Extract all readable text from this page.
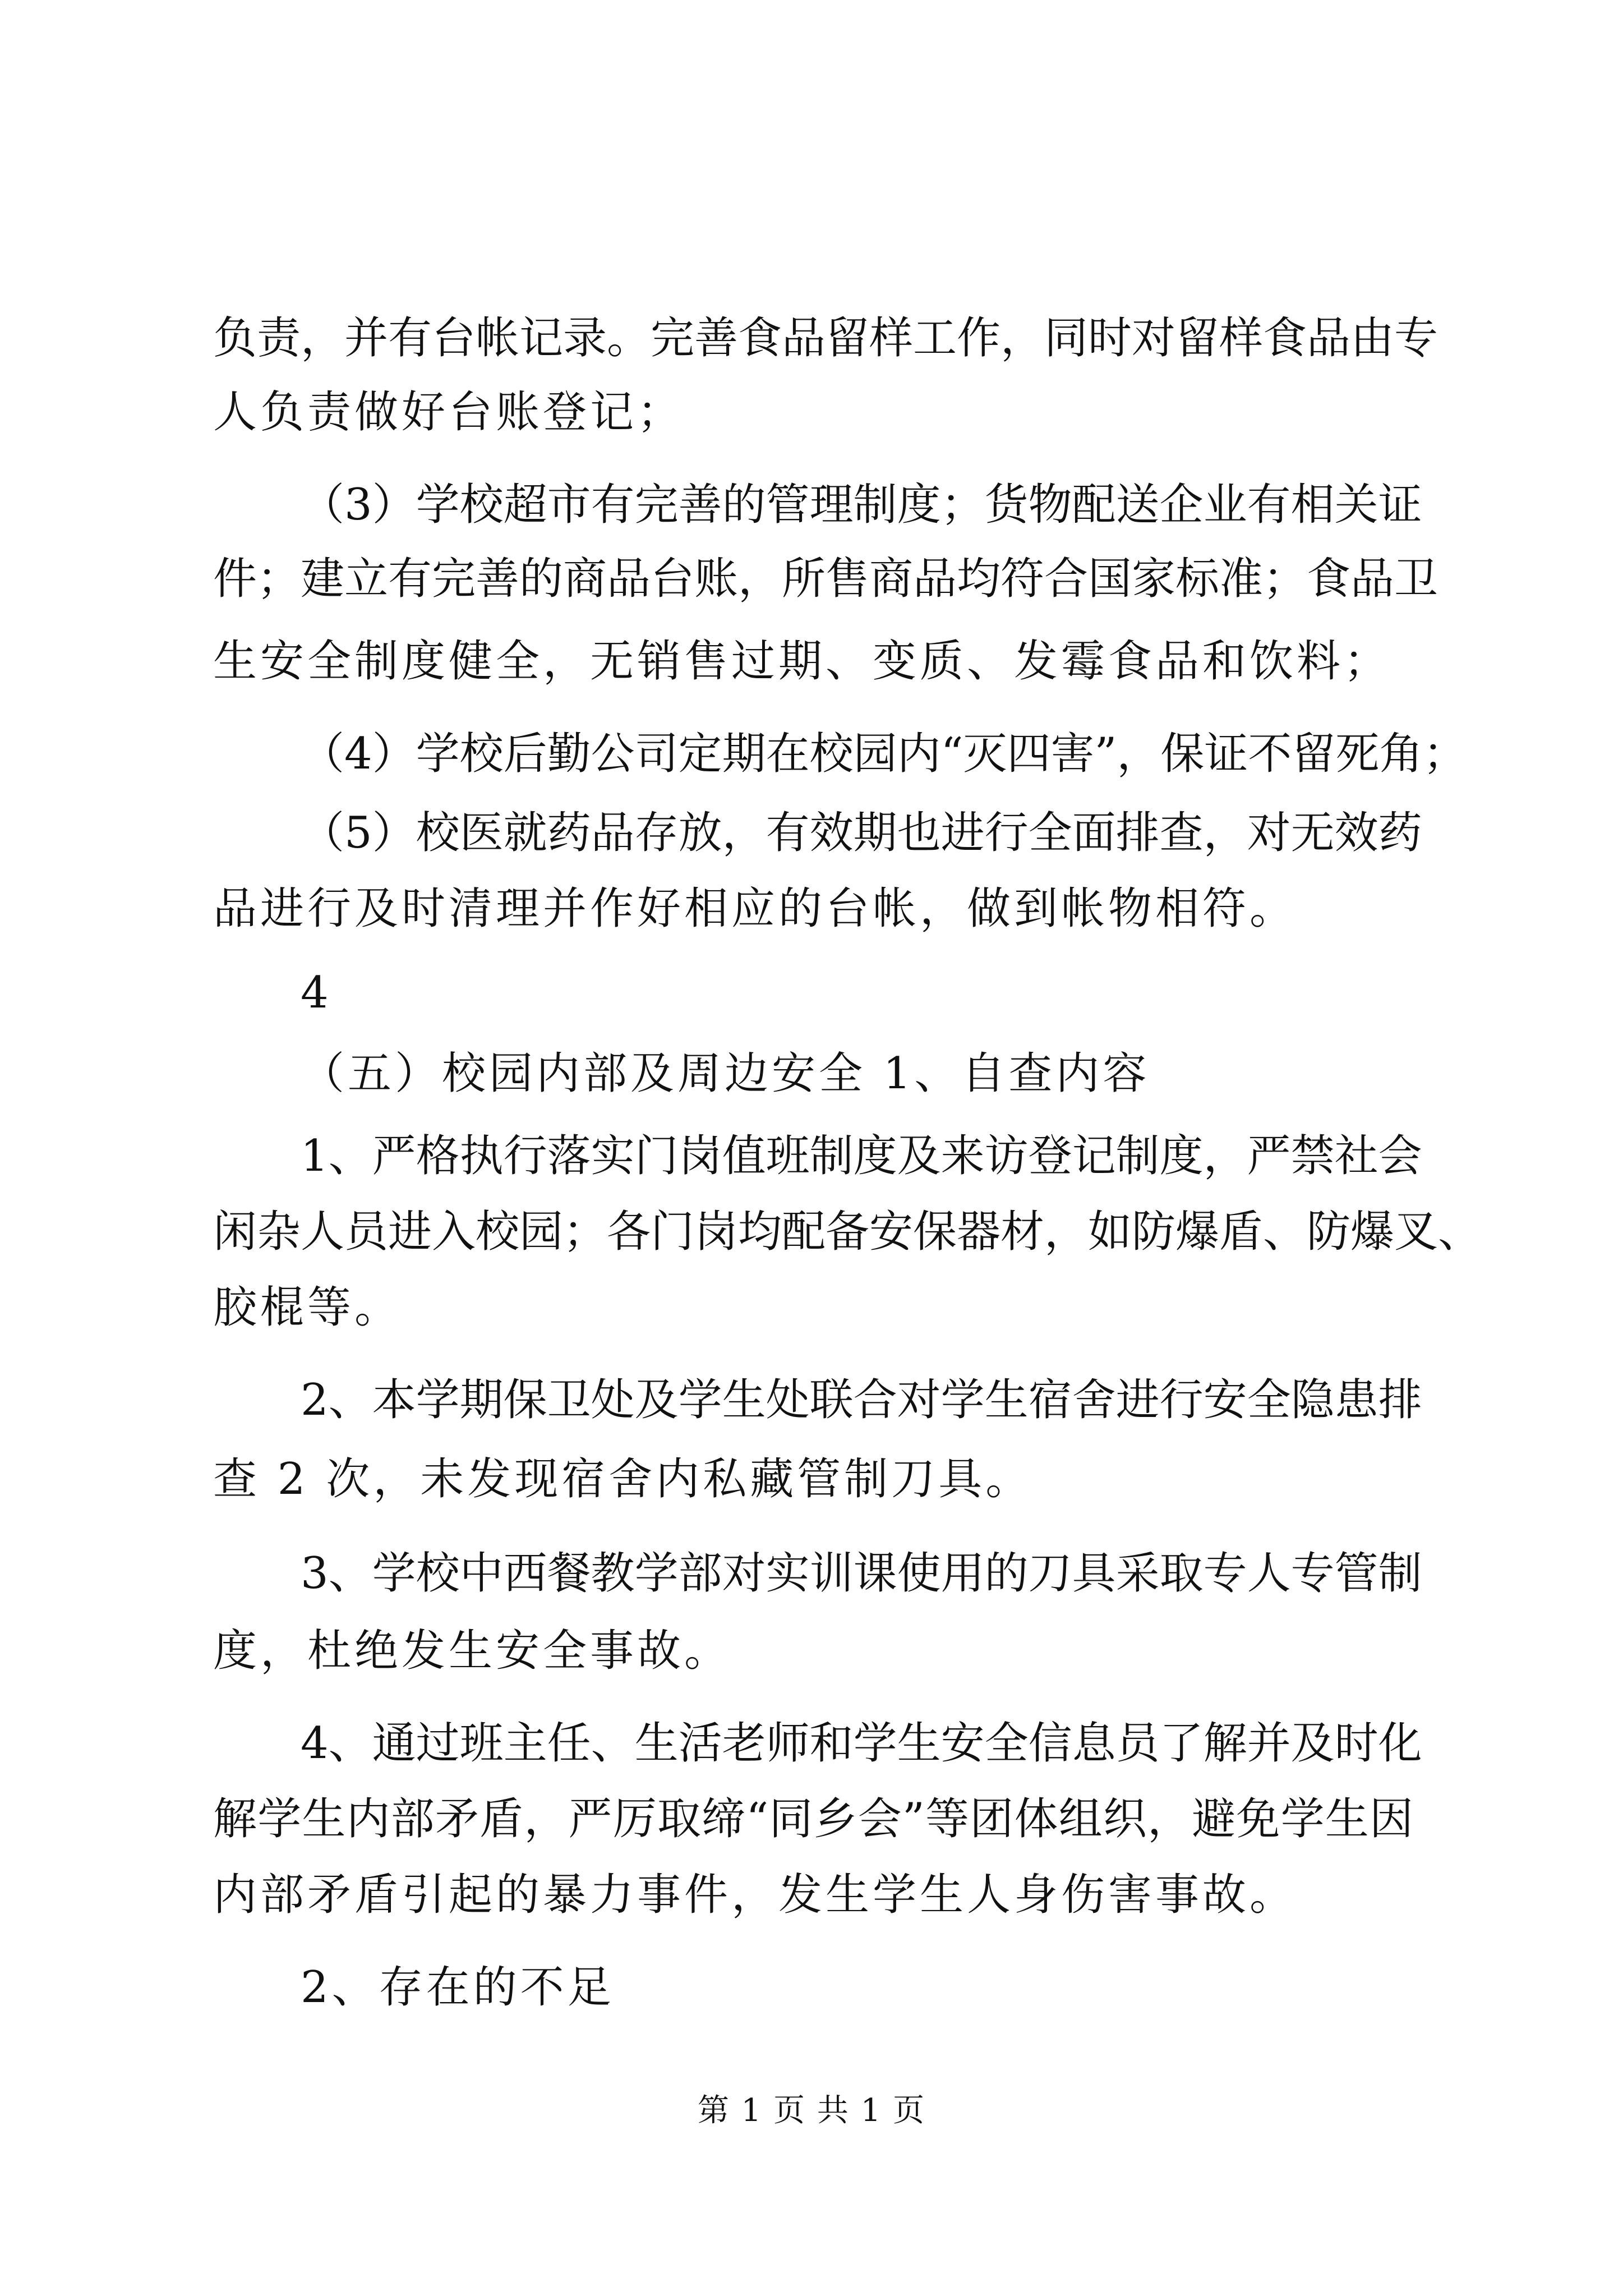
负责，并有台帐记录。完善食品留样工作，同时对留样食品由专
人负责做好台账登记；
（3）学校超市有完善的管理制度；货物配送企业有相关证
件；建立有完善的商品台账，所售商品均符合国家标准；食品卫
生安全制度健全，无销售过期、变质、发霉食品和饮料；
（4）学校后勤公司定期在校园内“灭四害”，保证不留死角；
（5）校医就药品存放，有效期也进行全面排查，对无效药
品进行及时清理并作好相应的台帐，做到帐物相符。
4
（五）校园内部及周边安全 1、自查内容
1、严格执行落实门岗值班制度及来访登记制度，严禁社会
闲杂人员进入校园；各门岗均配备安保器材，如防爆盾、防爆叉、
胶棍等。
2、本学期保卫处及学生处联合对学生宿舍进行安全隐患排
查 2 次，未发现宿舍内私藏管制刀具。
3、学校中西餐教学部对实训课使用的刀具采取专人专管制
度，杜绝发生安全事故。
4、通过班主任、生活老师和学生安全信息员了解并及时化
解学生内部矛盾，严厉取缔“同乡会”等团体组织，避免学生因
内部矛盾引起的暴力事件，发生学生人身伤害事故。
2、存在的不足
第 1 页 共 1 页
